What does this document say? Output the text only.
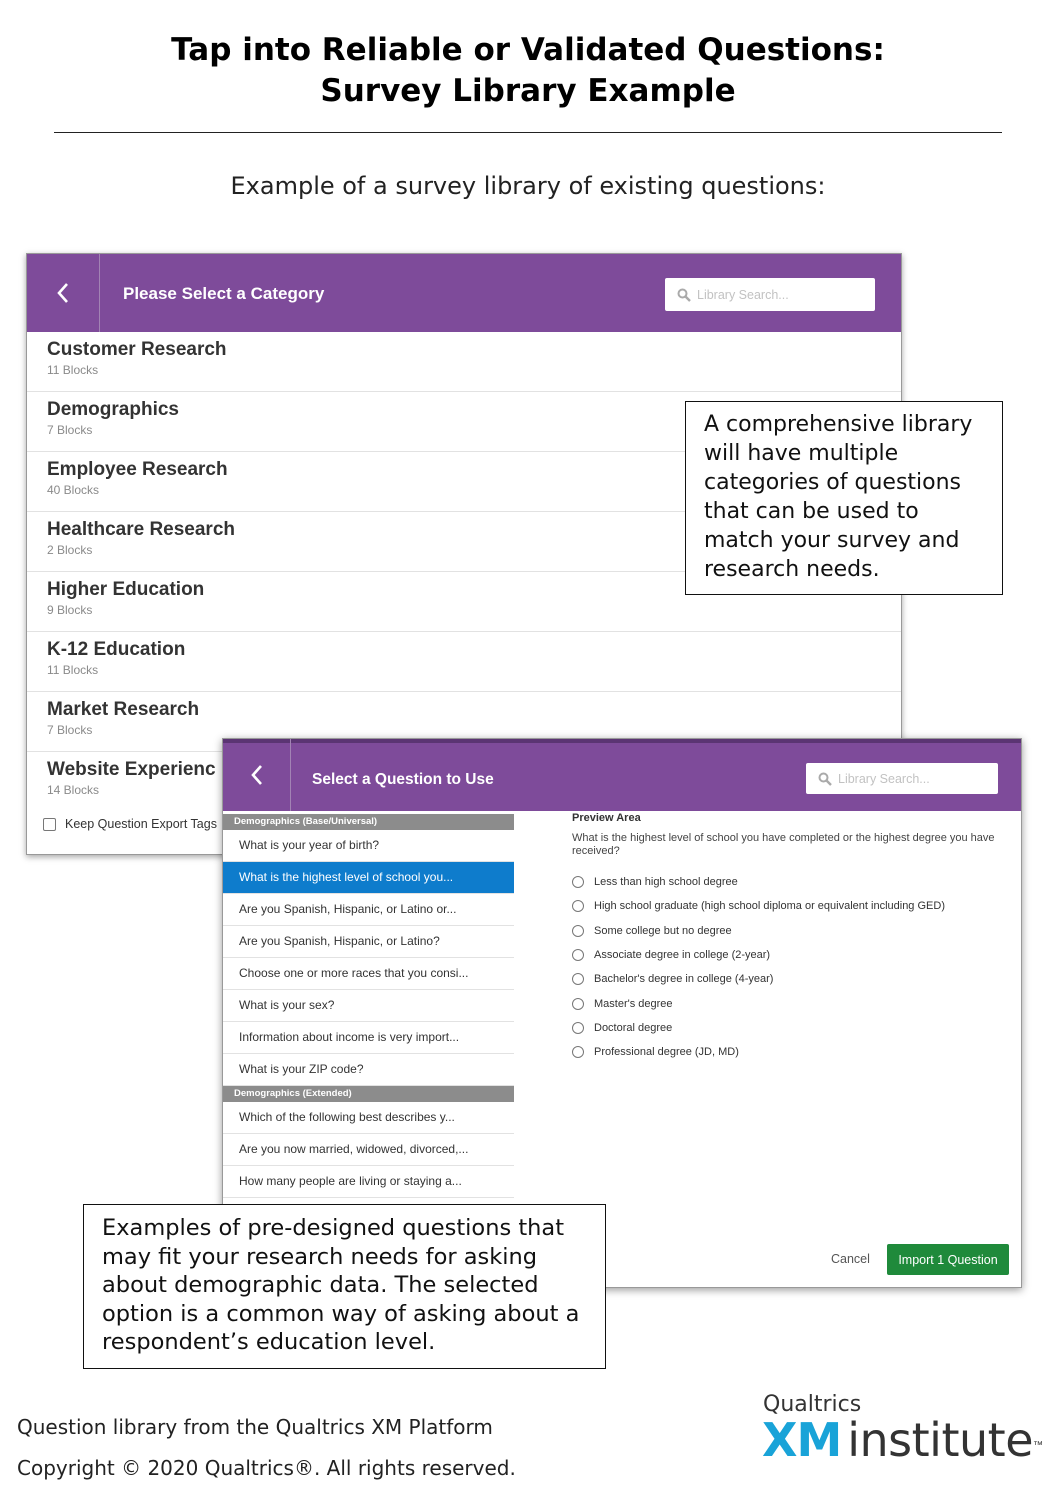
Tap into Reliable or Validated Questions:
Survey Library Example
Example of a survey library of existing questions:
Please Select a Category	Library Search...
Customer Research
11 Blocks
Demographics
7 Blocks
Employee Research
40 Blocks
Healthcare Research
2 Blocks
Higher Education
9 Blocks
K-12 Education
11 Blocks
Market Research
7 Blocks
Website Experienc
14 Blocks
Keep Question Export Tags
A comprehensive library will have multiple categories of questions that can be used to match your survey and research needs.
Select a Question to Use	Library Search...
Demographics (Base/Universal)
What is your year of birth?
What is the highest level of school you...
Are you Spanish, Hispanic, or Latino or...
Are you Spanish, Hispanic, or Latino?
Choose one or more races that you consi...
What is your sex?
Information about income is very import...
What is your ZIP code?
Demographics (Extended)
Which of the following best describes y...
Are you now married, widowed, divorced,...
How many people are living or staying a...
Preview Area
What is the highest level of school you have completed or the highest degree you have received?
Less than high school degree
High school graduate (high school diploma or equivalent including GED)
Some college but no degree
Associate degree in college (2-year)
Bachelor's degree in college (4-year)
Master's degree
Doctoral degree
Professional degree (JD, MD)
Cancel	Import 1 Question
Examples of pre-designed questions that may fit your research needs for asking about demographic data. The selected option is a common way of asking about a respondent’s education level.
Question library from the Qualtrics XM Platform
Copyright © 2020 Qualtrics®. All rights reserved.
Qualtrics
XM institute™
